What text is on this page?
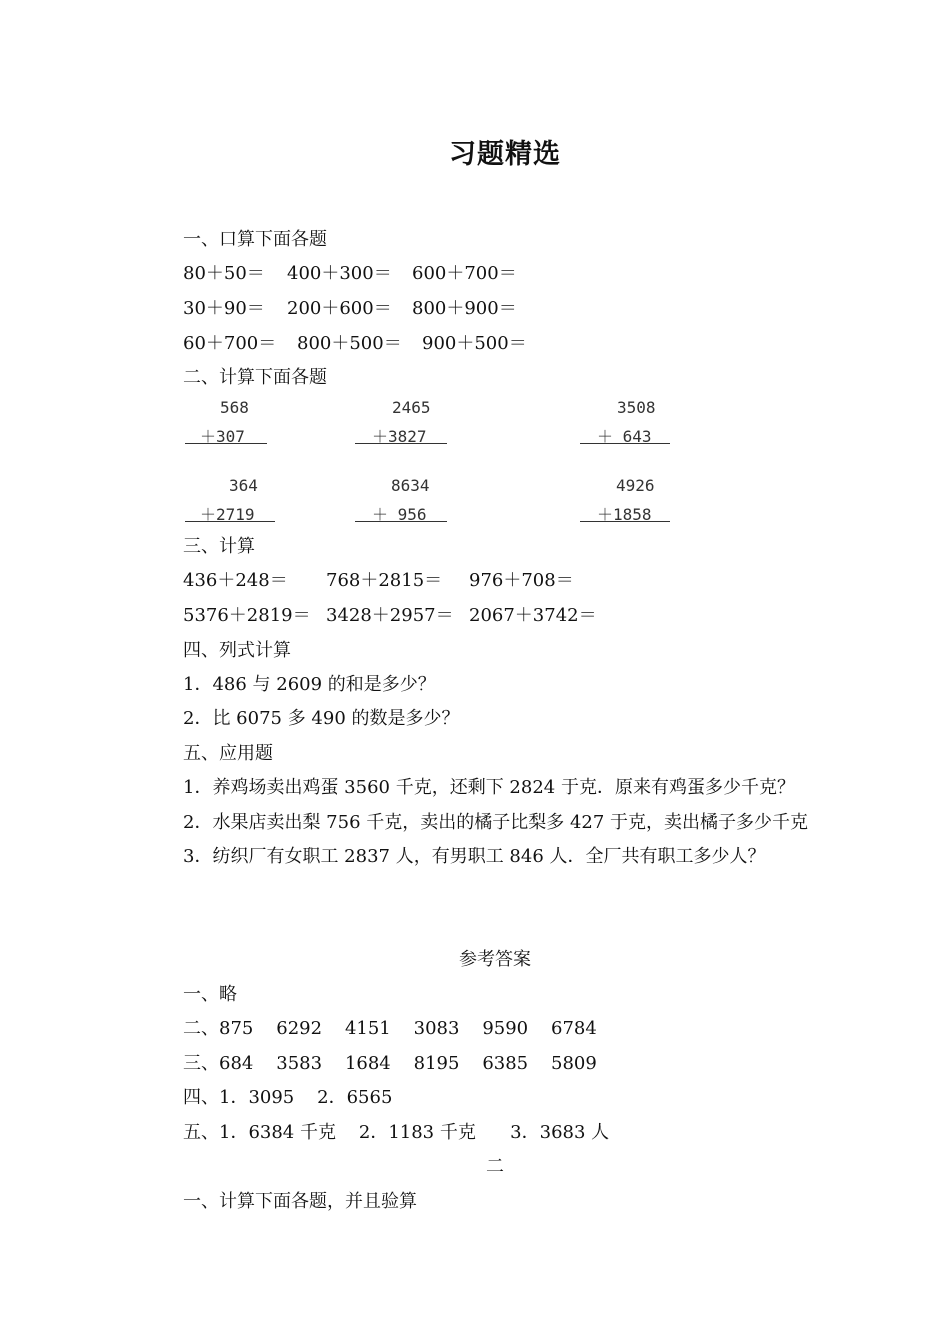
习题精选
一、口算下面各题
80＋50＝ 400＋300＝ 600＋700＝
30＋90＝ 200＋600＝ 800＋900＝
60＋700＝ 800＋500＝ 900＋500＝
二、计算下面各题
568
＋307
2465
＋3827
3508
＋ 643
364
＋2719
8634
＋ 956
4926
＋1858
三、计算
436＋248＝ 768＋2815＝ 976＋708＝
5376＋2819＝ 3428＋2957＝ 2067＋3742＝
四、列式计算
1．486 与 2609 的和是多少？
2．比 6075 多 490 的数是多少？
五、应用题
1．养鸡场卖出鸡蛋 3560 千克，还剩下 2824 于克．原来有鸡蛋多少千克？
2．水果店卖出梨 756 千克，卖出的橘子比梨多 427 于克，卖出橘子多少千克
3．纺织厂有女职工 2837 人，有男职工 846 人．全厂共有职工多少人？
参考答案
一、略
二、875    6292    4151    3083    9590    6784
三、684    3583    1684    8195    6385    5809
四、1．3095    2．6565
五、1．6384 千克    2．1183 千克      3．3683 人
二
一、计算下面各题，并且验算
